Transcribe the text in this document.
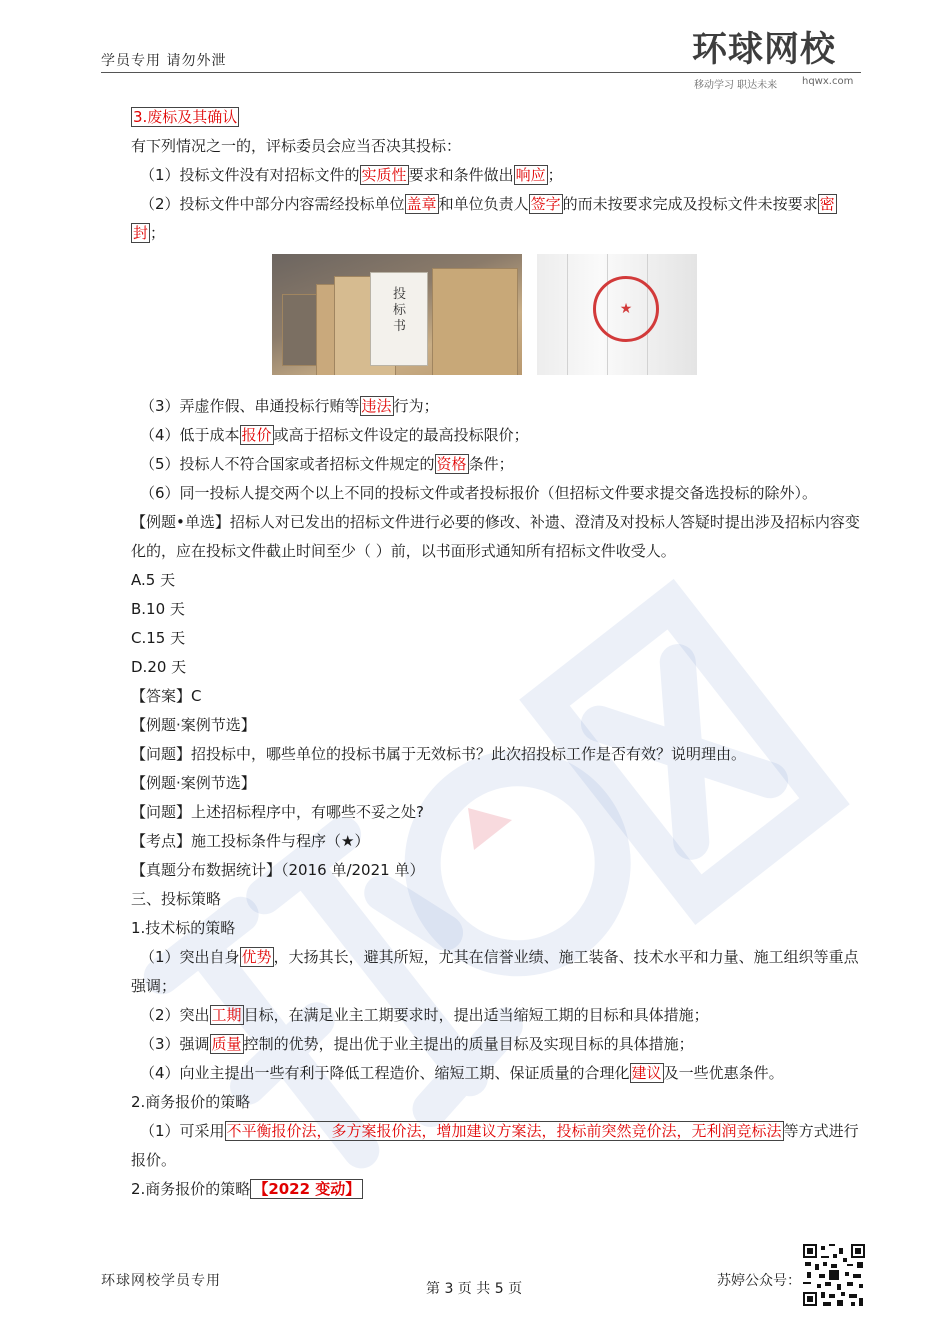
学员专用 请勿外泄	环球网校
移动学习 职达未来 hqwx.com

3.废标及其确认

有下列情况之一的，评标委员会应当否决其投标：

（1）投标文件没有对招标文件的 实质性 要求和条件做出 响应 ；

（2）投标文件中部分内容需经投标单位 盖章 和单位负责人 签字 的而未按要求完成及投标文件未按要求 密

封 ；

投标书
★

（3）弄虚作假、串通投标行贿等 违法 行为；

（4）低于成本 报价 或高于招标文件设定的最高投标限价；

（5）投标人不符合国家或者招标文件规定的 资格 条件；

（6）同一投标人提交两个以上不同的投标文件或者投标报价（但招标文件要求提交备选投标的除外）。

【例题•单选】招标人对已发出的招标文件进行必要的修改、补遗、澄清及对投标人答疑时提出涉及招标内容变化的，应在投标文件截止时间至少（ ）前，以书面形式通知所有招标文件收受人。

A.5 天

B.10 天

C.15 天

D.20 天

【答案】C

【例题·案例节选】

【问题】招投标中，哪些单位的投标书属于无效标书？此次招投标工作是否有效？说明理由。

【例题·案例节选】

【问题】上述招标程序中，有哪些不妥之处?

【考点】施工投标条件与程序（★）

【真题分布数据统计】（2016 单/2021 单）

三、投标策略

1.技术标的策略

（1）突出自身 优势 ，大扬其长，避其所短，尤其在信誉业绩、施工装备、技术水平和力量、施工组织等重点强调；

（2）突出 工期 目标，在满足业主工期要求时，提出适当缩短工期的目标和具体措施；

（3）强调 质量 控制的优势，提出优于业主提出的质量目标及实现目标的具体措施；

（4）向业主提出一些有利于降低工程造价、缩短工期、保证质量的合理化 建议 及一些优惠条件。

2.商务报价的策略

（1）可采用 不平衡报价法，多方案报价法，增加建议方案法，投标前突然竞价法，无利润竞标法 等方式进行报价。

2.商务报价的策略 【2022 变动】

环球网校学员专用	第 3 页 共 5 页	苏婷公众号：
